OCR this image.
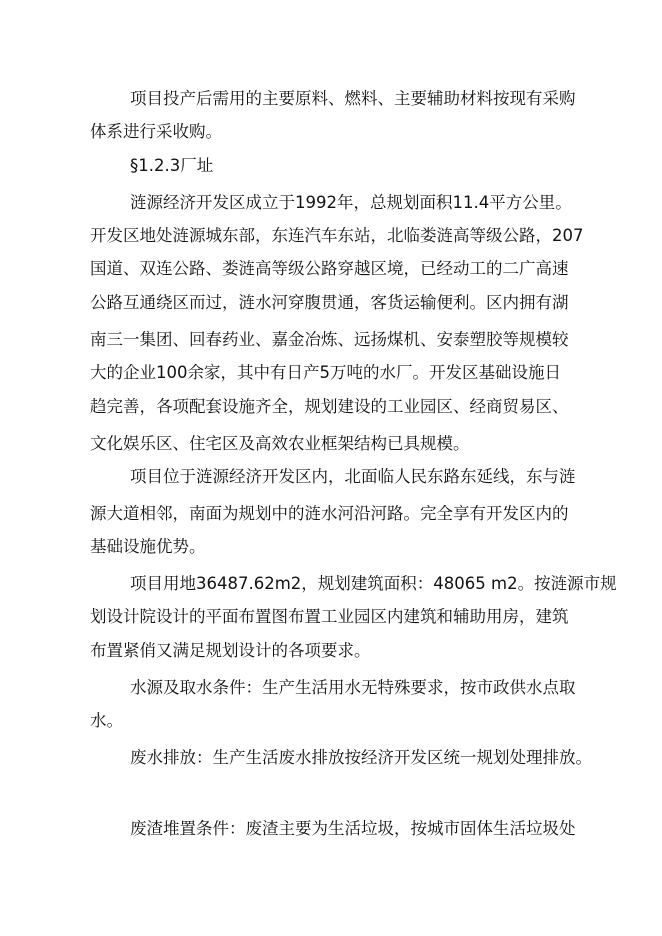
项目投产后需用的主要原料、燃料、主要辅助材料按现有采购
体系进行采收购。
§1.2.3厂址
涟源经济开发区成立于1992年，总规划面积11.4平方公里。
开发区地处涟源城东部，东连汽车东站，北临娄涟高等级公路，207
国道、双连公路、娄涟高等级公路穿越区境，已经动工的二广高速
公路互通绕区而过，涟水河穿腹贯通，客货运输便利。区内拥有湖
南三一集团、回春药业、嘉金冶炼、远扬煤机、安泰塑胶等规模较
大的企业100余家，其中有日产5万吨的水厂。开发区基础设施日
趋完善，各项配套设施齐全，规划建设的工业园区、经商贸易区、
文化娱乐区、住宅区及高效农业框架结构已具规模。
项目位于涟源经济开发区内，北面临人民东路东延线，东与涟
源大道相邻，南面为规划中的涟水河沿河路。完全享有开发区内的
基础设施优势。
项目用地36487.62m2，规划建筑面积：48065 m2。按涟源市规
划设计院设计的平面布置图布置工业园区内建筑和辅助用房，建筑
布置紧俏又满足规划设计的各项要求。
水源及取水条件：生产生活用水无特殊要求，按市政供水点取
水。
废水排放：生产生活废水排放按经济开发区统一规划处理排放。
废渣堆置条件：废渣主要为生活垃圾，按城市固体生活垃圾处
